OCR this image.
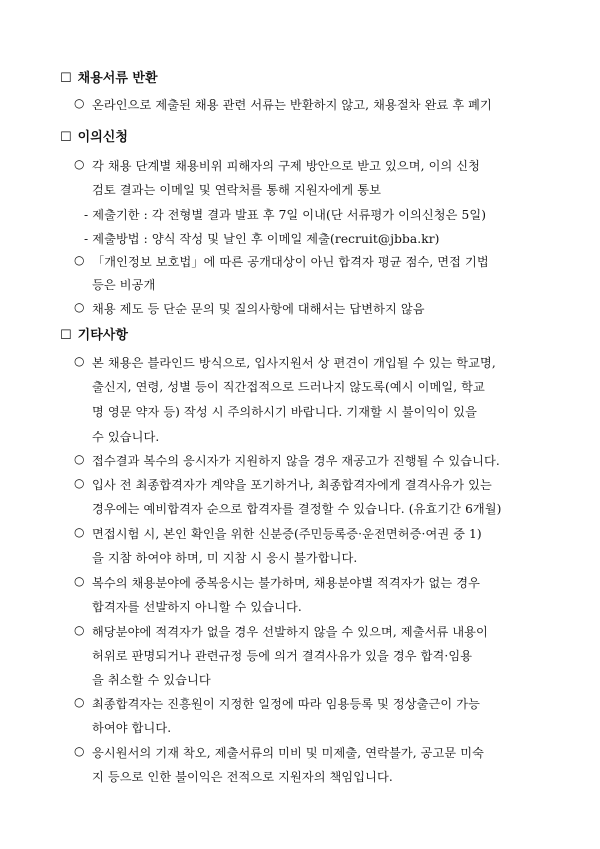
☐ 채용서류 반환
○ 온라인으로 제출된 채용 관련 서류는 반환하지 않고, 채용절차 완료 후 폐기
☐ 이의신청
○ 각 채용 단계별 채용비위 피해자의 구제 방안으로 받고 있으며, 이의 신청
검토 결과는 이메일 및 연락처를 통해 지원자에게 통보
- 제출기한 : 각 전형별 결과 발표 후 7일 이내(단 서류평가 이의신청은 5일)
- 제출방법 : 양식 작성 및 날인 후 이메일 제출(recruit@jbba.kr)
○ 「개인정보 보호법」에 따른 공개대상이 아닌 합격자 평균 점수, 면접 기법
등은 비공개
○ 채용 제도 등 단순 문의 및 질의사항에 대해서는 답변하지 않음
☐ 기타사항
○ 본 채용은 블라인드 방식으로, 입사지원서 상 편견이 개입될 수 있는 학교명,
출신지, 연령, 성별 등이 직간접적으로 드러나지 않도록(예시 이메일, 학교
명 영문 약자 등) 작성 시 주의하시기 바랍니다. 기재할 시 불이익이 있을
수 있습니다.
○ 접수결과 복수의 응시자가 지원하지 않을 경우 재공고가 진행될 수 있습니다.
○ 입사 전 최종합격자가 계약을 포기하거나, 최종합격자에게 결격사유가 있는
경우에는 예비합격자 순으로 합격자를 결정할 수 있습니다. (유효기간 6개월)
○ 면접시험 시, 본인 확인을 위한 신분증(주민등록증·운전면허증·여권 중 1)
을 지참 하여야 하며, 미 지참 시 응시 불가합니다.
○ 복수의 채용분야에 중복응시는 불가하며, 채용분야별 적격자가 없는 경우
합격자를 선발하지 아니할 수 있습니다.
○ 해당분야에 적격자가 없을 경우 선발하지 않을 수 있으며, 제출서류 내용이
허위로 판명되거나 관련규정 등에 의거 결격사유가 있을 경우 합격·임용
을 취소할 수 있습니다
○ 최종합격자는 진흥원이 지정한 일정에 따라 임용등록 및 정상출근이 가능
하여야 합니다.
○ 응시원서의 기재 착오, 제출서류의 미비 및 미제출, 연락불가, 공고문 미숙
지 등으로 인한 불이익은 전적으로 지원자의 책임입니다.
